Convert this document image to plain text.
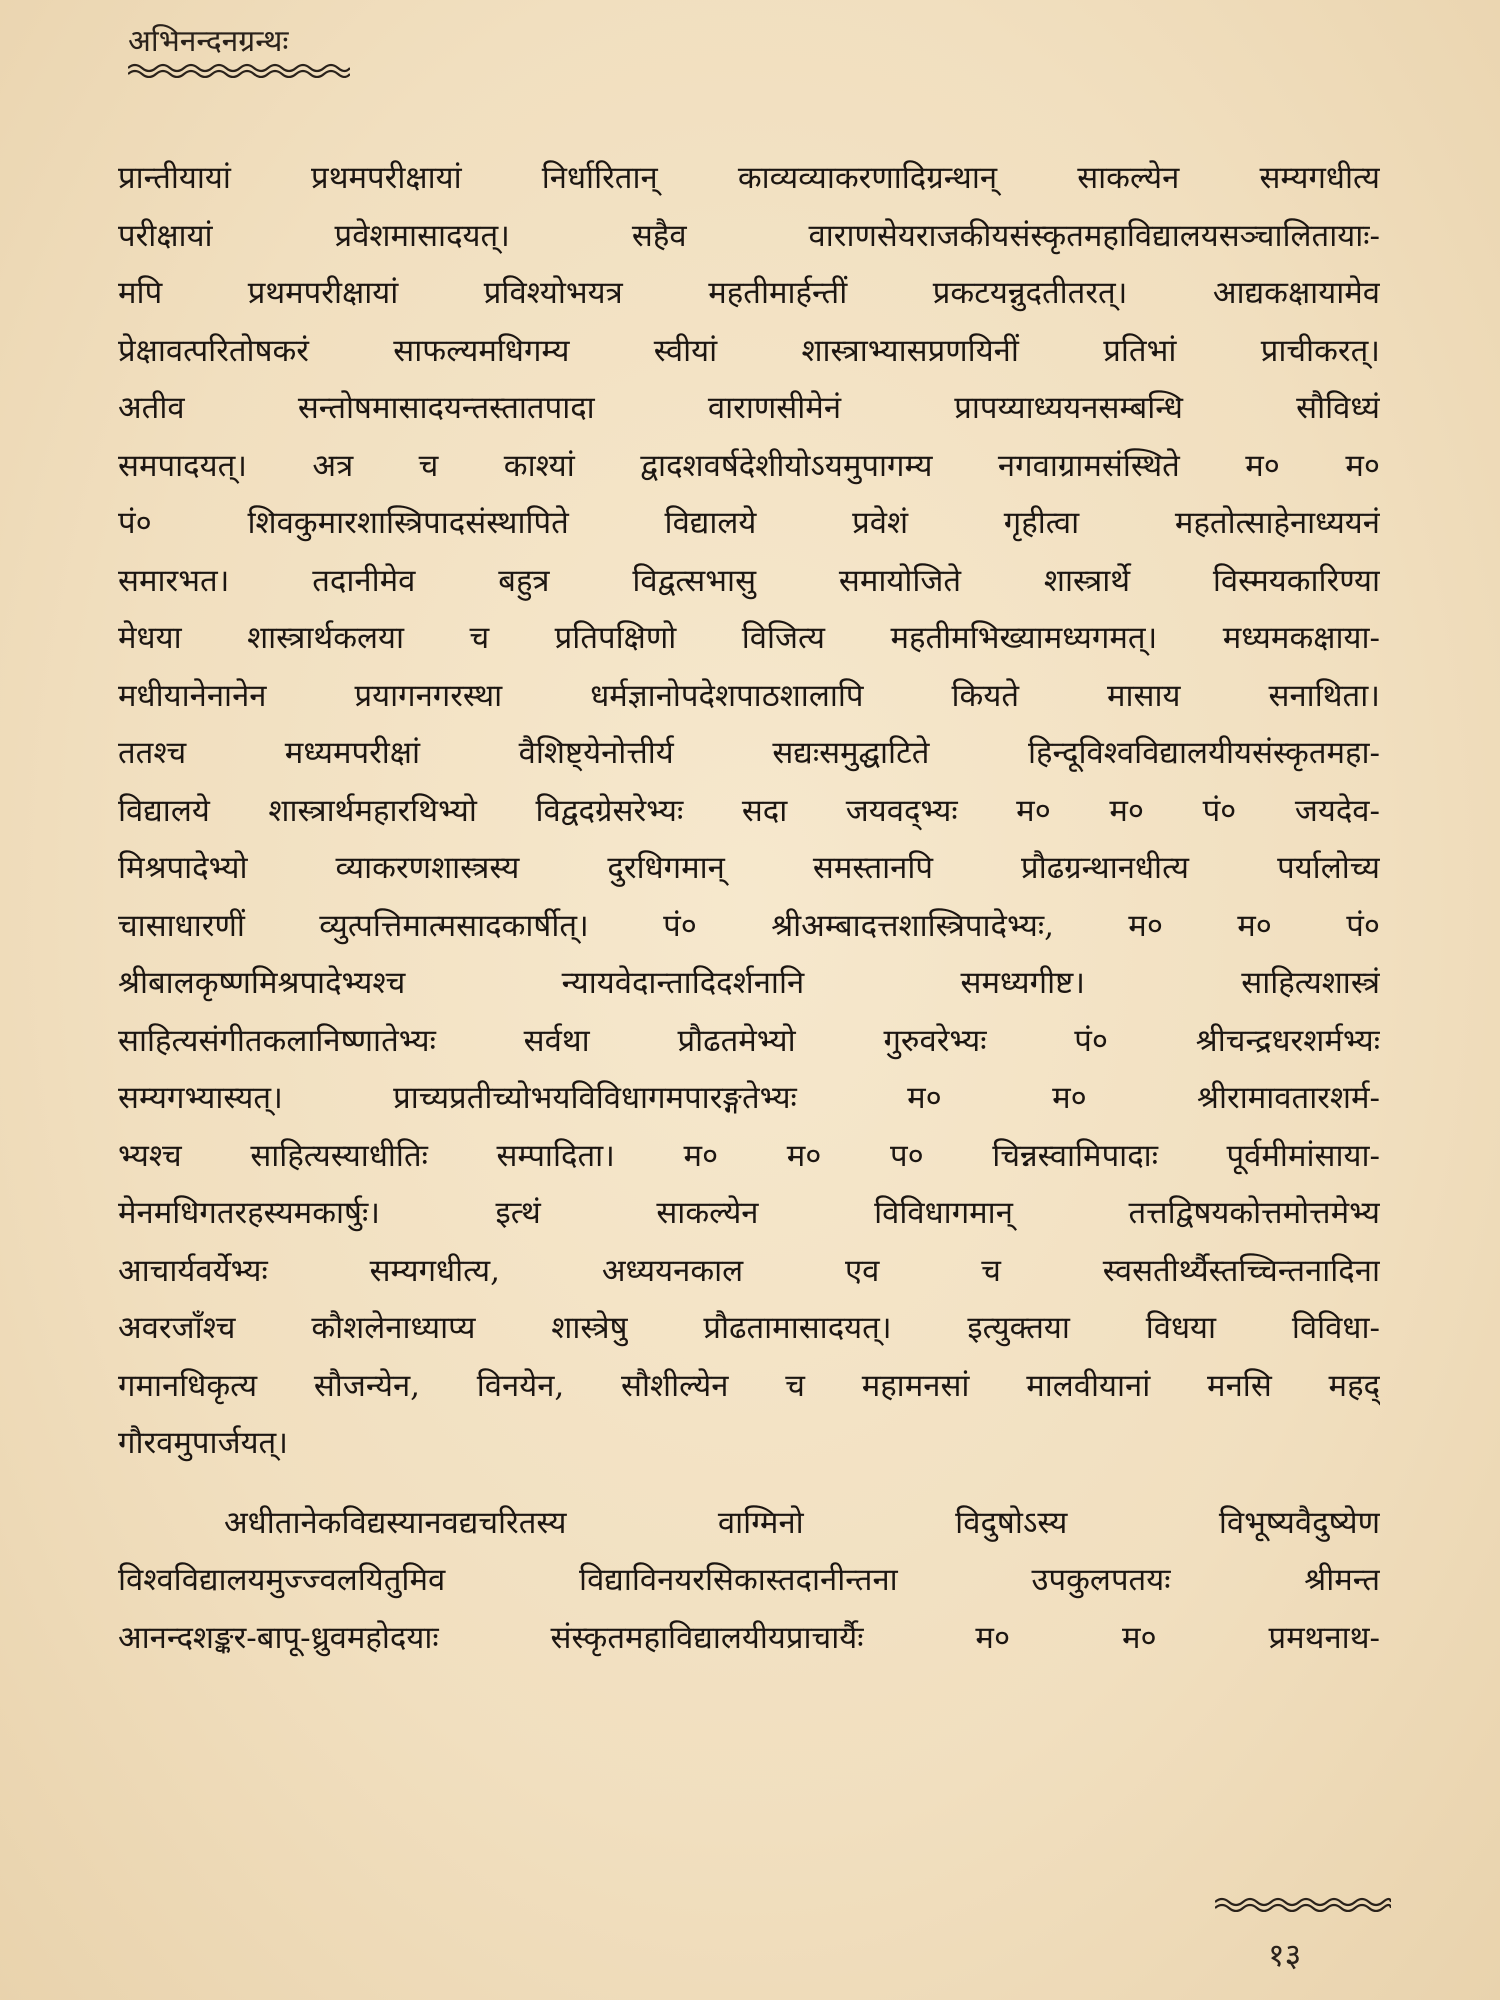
अभिनन्दनग्रन्थः
प्रान्तीयायां प्रथमपरीक्षायां निर्धारितान् काव्यव्याकरणादिग्रन्थान् साकल्येन सम्यगधीत्य
परीक्षायां प्रवेशमासादयत्। सहैव वाराणसेयराजकीयसंस्कृतमहाविद्यालयसञ्चालितायाः-
मपि प्रथमपरीक्षायां प्रविश्योभयत्र महतीमार्हन्तीं प्रकटयन्नुदतीतरत्। आद्यकक्षायामेव
प्रेक्षावत्परितोषकरं साफल्यमधिगम्य स्वीयां शास्त्राभ्यासप्रणयिनीं प्रतिभां प्राचीकरत्।
अतीव सन्तोषमासादयन्तस्तातपादा वाराणसीमेनं प्रापय्याध्ययनसम्बन्धि सौविध्यं
समपादयत्। अत्र च काश्यां द्वादशवर्षदेशीयोऽयमुपागम्य नगवाग्रामसंस्थिते म० म०
पं० शिवकुमारशास्त्रिपादसंस्थापिते विद्यालये प्रवेशं गृहीत्वा महतोत्साहेनाध्ययनं
समारभत। तदानीमेव बहुत्र विद्वत्सभासु समायोजिते शास्त्रार्थे विस्मयकारिण्या
मेधया शास्त्रार्थकलया च प्रतिपक्षिणो विजित्य महतीमभिख्यामध्यगमत्। मध्यमकक्षाया-
मधीयानेनानेन प्रयागनगरस्था धर्मज्ञानोपदेशपाठशालापि कियते मासाय सनाथिता।
ततश्च मध्यमपरीक्षां वैशिष्ट्येनोत्तीर्य सद्यःसमुद्घाटिते हिन्दूविश्वविद्यालयीयसंस्कृतमहा-
विद्यालये शास्त्रार्थमहारथिभ्यो विद्वदग्रेसरेभ्यः सदा जयवद्भ्यः म० म० पं० जयदेव-
मिश्रपादेभ्यो व्याकरणशास्त्रस्य दुरधिगमान् समस्तानपि प्रौढग्रन्थानधीत्य पर्यालोच्य
चासाधारणीं व्युत्पत्तिमात्मसादकार्षीत्। पं० श्रीअम्बादत्तशास्त्रिपादेभ्यः, म० म० पं०
श्रीबालकृष्णमिश्रपादेभ्यश्च न्यायवेदान्तादिदर्शनानि समध्यगीष्ट। साहित्यशास्त्रं
साहित्यसंगीतकलानिष्णातेभ्यः सर्वथा प्रौढतमेभ्यो गुरुवरेभ्यः पं० श्रीचन्द्रधरशर्मभ्यः
सम्यगभ्यास्यत्। प्राच्यप्रतीच्योभयविविधागमपारङ्गतेभ्यः म० म० श्रीरामावतारशर्म-
भ्यश्च साहित्यस्याधीतिः सम्पादिता। म० म० प० चिन्नस्वामिपादाः पूर्वमीमांसाया-
मेनमधिगतरहस्यमकार्षुः। इत्थं साकल्येन विविधागमान् तत्तद्विषयकोत्तमोत्तमेभ्य
आचार्यवर्येभ्यः सम्यगधीत्य, अध्ययनकाल एव च स्वसतीर्थ्यैस्तच्चिन्तनादिना
अवरजाँश्च कौशलेनाध्याप्य शास्त्रेषु प्रौढतामासादयत्। इत्युक्तया विधया विविधा-
गमानधिकृत्य सौजन्येन, विनयेन, सौशील्येन च महामनसां मालवीयानां मनसि महद्
गौरवमुपार्जयत्।
अधीतानेकविद्यस्यानवद्यचरितस्य वाग्मिनो विदुषोऽस्य विभूष्यवैदुष्येण
विश्वविद्यालयमुज्ज्वलयितुमिव विद्याविनयरसिकास्तदानीन्तना उपकुलपतयः श्रीमन्त
आनन्दशङ्कर-बापू-ध्रुवमहोदयाः संस्कृतमहाविद्यालयीयप्राचार्यैः म० म० प्रमथनाथ-
१३
